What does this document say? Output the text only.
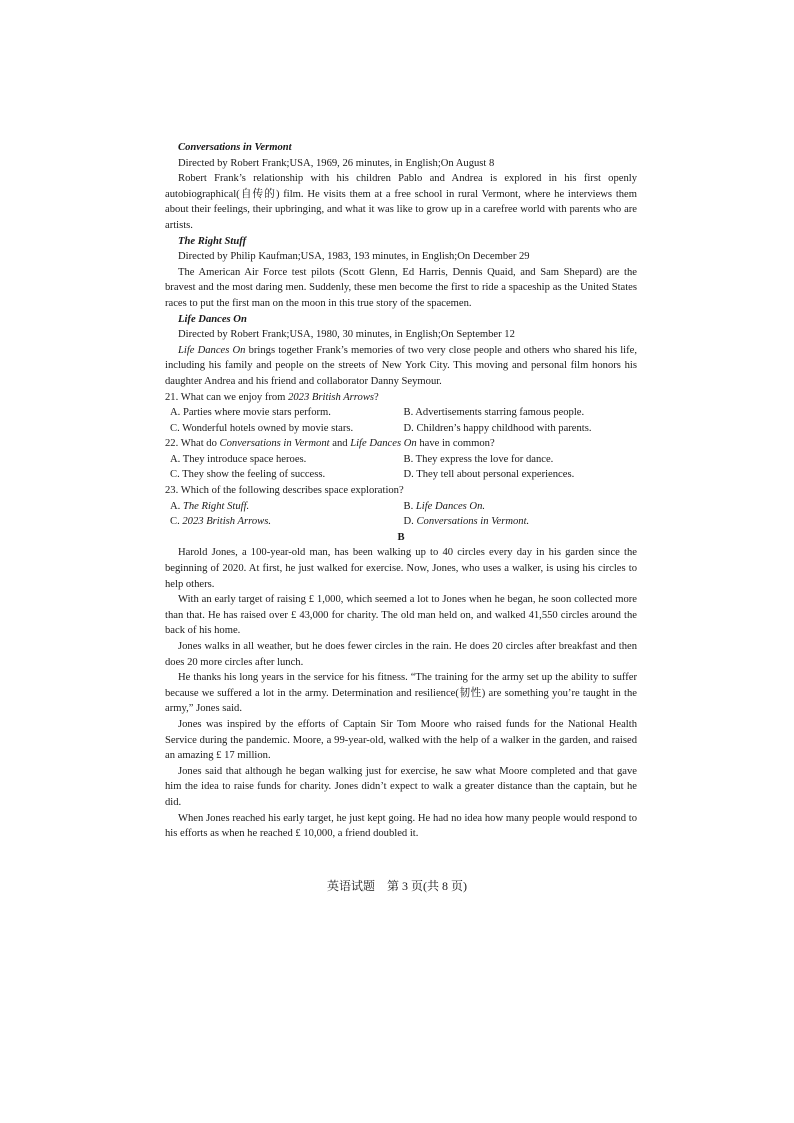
Conversations in Vermont
Directed by Robert Frank;USA, 1969, 26 minutes, in English;On August 8

Robert Frank’s relationship with his children Pablo and Andrea is explored in his first openly autobiographical(自传的) film. He visits them at a free school in rural Vermont, where he interviews them about their feelings, their upbringing, and what it was like to grow up in a carefree world with parents who are artists.

The Right Stuff
Directed by Philip Kaufman;USA, 1983, 193 minutes, in English;On December 29

The American Air Force test pilots (Scott Glenn, Ed Harris, Dennis Quaid, and Sam Shepard) are the bravest and the most daring men. Suddenly, these men become the first to ride a spaceship as the United States races to put the first man on the moon in this true story of the spacemen.

Life Dances On
Directed by Robert Frank;USA, 1980, 30 minutes, in English;On September 12

Life Dances On brings together Frank’s memories of two very close people and others who shared his life, including his family and people on the streets of New York City. This moving and personal film honors his daughter Andrea and his friend and collaborator Danny Seymour.

21. What can we enjoy from 2023 British Arrows?
A. Parties where movie stars perform.	B. Advertisements starring famous people.
C. Wonderful hotels owned by movie stars.	D. Children’s happy childhood with parents.
22. What do Conversations in Vermont and Life Dances On have in common?
A. They introduce space heroes.	B. They express the love for dance.
C. They show the feeling of success.	D. They tell about personal experiences.
23. Which of the following describes space exploration?
A. The Right Stuff.	B. Life Dances On.
C. 2023 British Arrows.	D. Conversations in Vermont.
B

Harold Jones, a 100-year-old man, has been walking up to 40 circles every day in his garden since the beginning of 2020. At first, he just walked for exercise. Now, Jones, who uses a walker, is using his circles to help others.

With an early target of raising £ 1,000, which seemed a lot to Jones when he began, he soon collected more than that. He has raised over £ 43,000 for charity. The old man held on, and walked 41,550 circles around the back of his home.

Jones walks in all weather, but he does fewer circles in the rain. He does 20 circles after breakfast and then does 20 more circles after lunch.

He thanks his long years in the service for his fitness. “The training for the army set up the ability to suffer because we suffered a lot in the army. Determination and resilience(韧性) are something you’re taught in the army,” Jones said.

Jones was inspired by the efforts of Captain Sir Tom Moore who raised funds for the National Health Service during the pandemic. Moore, a 99-year-old, walked with the help of a walker in the garden, and raised an amazing £ 17 million.

Jones said that although he began walking just for exercise, he saw what Moore completed and that gave him the idea to raise funds for charity. Jones didn’t expect to walk a greater distance than the captain, but he did.

When Jones reached his early target, he just kept going. He had no idea how many people would respond to his efforts as when he reached £ 10,000, a friend doubled it.

英语试题　第 3 页(共 8 页)
